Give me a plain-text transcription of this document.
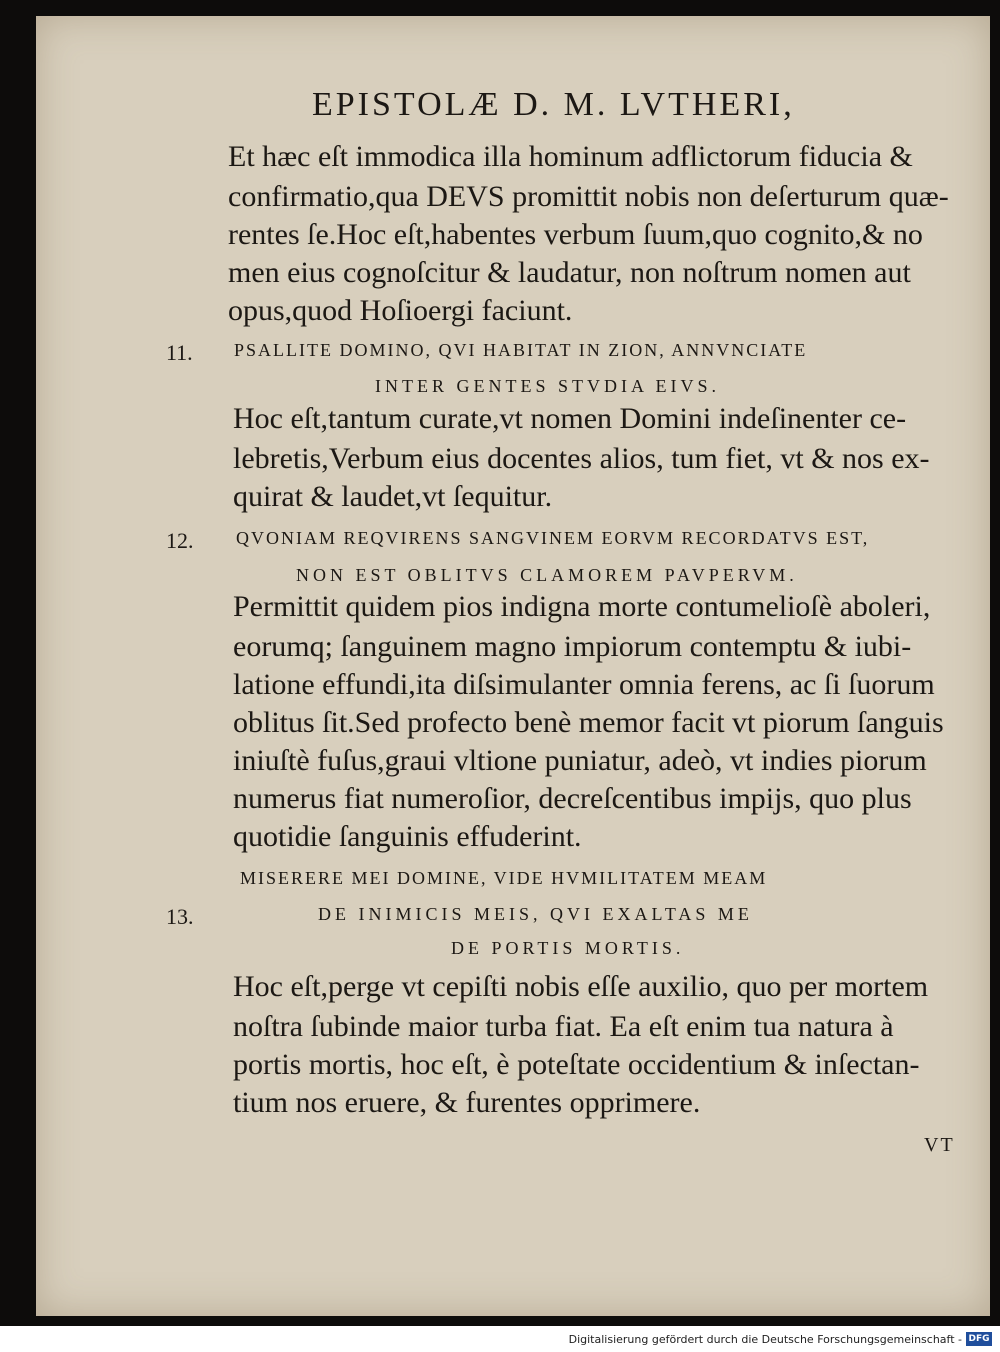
EPISTOLÆ D. M. LVTHERI,
Et hæc eſt immodica illa hominum adflictorum fiducia &
confirmatio,qua DEVS promittit nobis non deſerturum quæ-
rentes ſe.Hoc eſt,habentes verbum ſuum,quo cognito,& no
men eius cognoſcitur & laudatur, non noſtrum nomen aut
opus,quod Hoſioergi faciunt.
11. PSALLITE DOMINO, QVI HABITAT IN ZION, ANNVNCIATE
INTER GENTES STVDIA EIVS.
Hoc eſt,tantum curate,vt nomen Domini indeſinenter ce-
lebretis,Verbum eius docentes alios, tum fiet, vt & nos ex-
quirat & laudet,vt ſequitur.
12. QVONIAM REQVIRENS SANGVINEM EORVM RECORDATVS EST,
NON EST OBLITVS CLAMOREM PAVPERVM.
Permittit quidem pios indigna morte contumelioſè aboleri,
eorumq; ſanguinem magno impiorum contemptu & iubi-
latione effundi,ita diſsimulanter omnia ferens, ac ſi ſuorum
oblitus ſit.Sed profecto benè memor facit vt piorum ſanguis
iniuſtè fuſus,graui vltione puniatur, adeò, vt indies piorum
numerus fiat numeroſior, decreſcentibus impijs, quo plus
quotidie ſanguinis effuderint.
MISERERE MEI DOMINE, VIDE HVMILITATEM MEAM
13.	DE INIMICIS MEIS, QVI EXALTAS ME
DE PORTIS MORTIS.
Hoc eſt,perge vt cepiſti nobis eſſe auxilio, quo per mortem
noſtra ſubinde maior turba fiat. Ea eſt enim tua natura à
portis mortis, hoc eſt, è poteſtate occidentium & inſectan-
tium nos eruere, & furentes opprimere.
VT
Digitalisierung gefördert durch die Deutsche Forschungsgemeinschaft - DFG
